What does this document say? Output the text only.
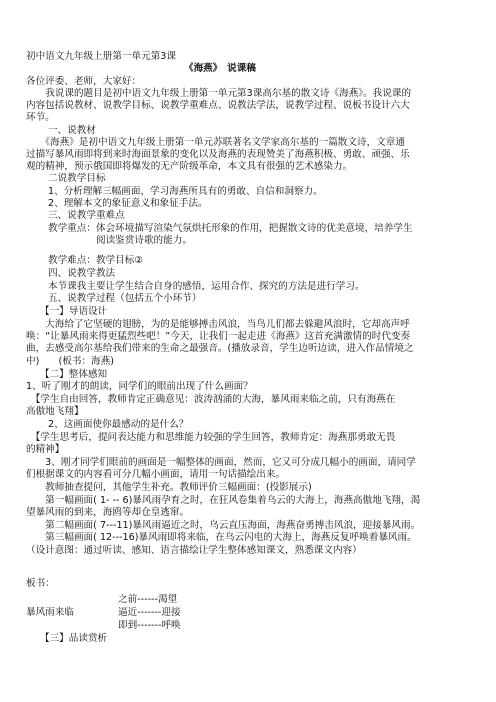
初中语文九年级上册第一单元第3课
《海燕》　说课稿
各位评委、老师，大家好：
　　我说课的题目是初中语文九年级上册第一单元第3课高尔基的散文诗《海燕》。我说课的
内容包括说教材、说教学目标、说教学重难点、说教法学法，说教学过程、说板书设计六大
环节。
一、说教材
　　《海燕》是初中语文九年级上册第一单元苏联著名文学家高尔基的一篇散文诗，文章通
过描写暴风雨即将到来时海面景象的变化以及海燕的表现赞美了海燕积极、勇敢、顽强、乐
观的精神，预示俄国即将爆发的无产阶级革命，本文具有很强的艺术感染力。
二说教学目标
1、分析理解三幅画面，学习海燕所具有的勇敢、自信和洞察力。
2、理解本文的象征意义和象征手法。
三、说教学重难点
教学重点：体会环境描写渲染气氛烘托形象的作用，把握散文诗的优美意境，培养学生
阅读鉴赏诗歌的能力。
教学难点：教学目标②
四、说教学教法
本节课我主要让学生结合自身的感悟，运用合作、探究的方法是进行学习。
五、说教学过程（包括五个小环节）
【一】导语设计
　　大海给了它坚硬的翅膀，为的是能够搏击风浪，当鸟儿们都去躲避风浪时，它却高声呼
唤：“让暴风雨来得更猛烈些吧！”今天，让我们一起走进《海燕》这首充满激情的时代变奏
曲，去感受高尔基给我们带来的生命之最强音。(播放录音，学生边听边读，进入作品情境之
中)　　(板书：海燕)
【二】整体感知
1、听了刚才的朗读，同学们的眼前出现了什么画面？
　【学生自由回答，教师肯定正确意见：波涛汹涌的大海，暴风雨来临之前，只有海燕在
高傲地飞翔】
2、这画面使你最感动的是什么？
　【学生思考后，提问表达能力和思维能力较强的学生回答，教师肯定：海燕那勇敢无畏
的精神】
　　3、刚才同学们眼前的画面是一幅整体的画面，然而，它又可分成几幅小的画面，请同学
们根据课文的内容看可分几幅小画面，请用一句话描绘出来。
　　教师抽查提问，其他学生补充。教师评价三幅画面：(投影展示)
　　第一幅画面( 1- -- 6)暴风雨孕育之时，在狂风卷集着乌云的大海上，海燕高傲地飞翔，渴
望暴风雨的到来，海鸥等却仓皇逃窜。
　　第二幅画面( 7---11)暴风雨逼近之时，乌云直压海面，海燕奋勇搏击风浪，迎接暴风雨。
　　第三幅画面( 12---16)暴风雨即将来临，在乌云闪电的大海上，海燕反复呼唤着暴风雨。
（设计意图：通过听读、感知、语言描绘让学生整体感知课文，熟悉课文内容）
板书：
之前------渴望
暴风雨来临	逼近-------迎接
即到-------呼唤
【三】品读赏析
